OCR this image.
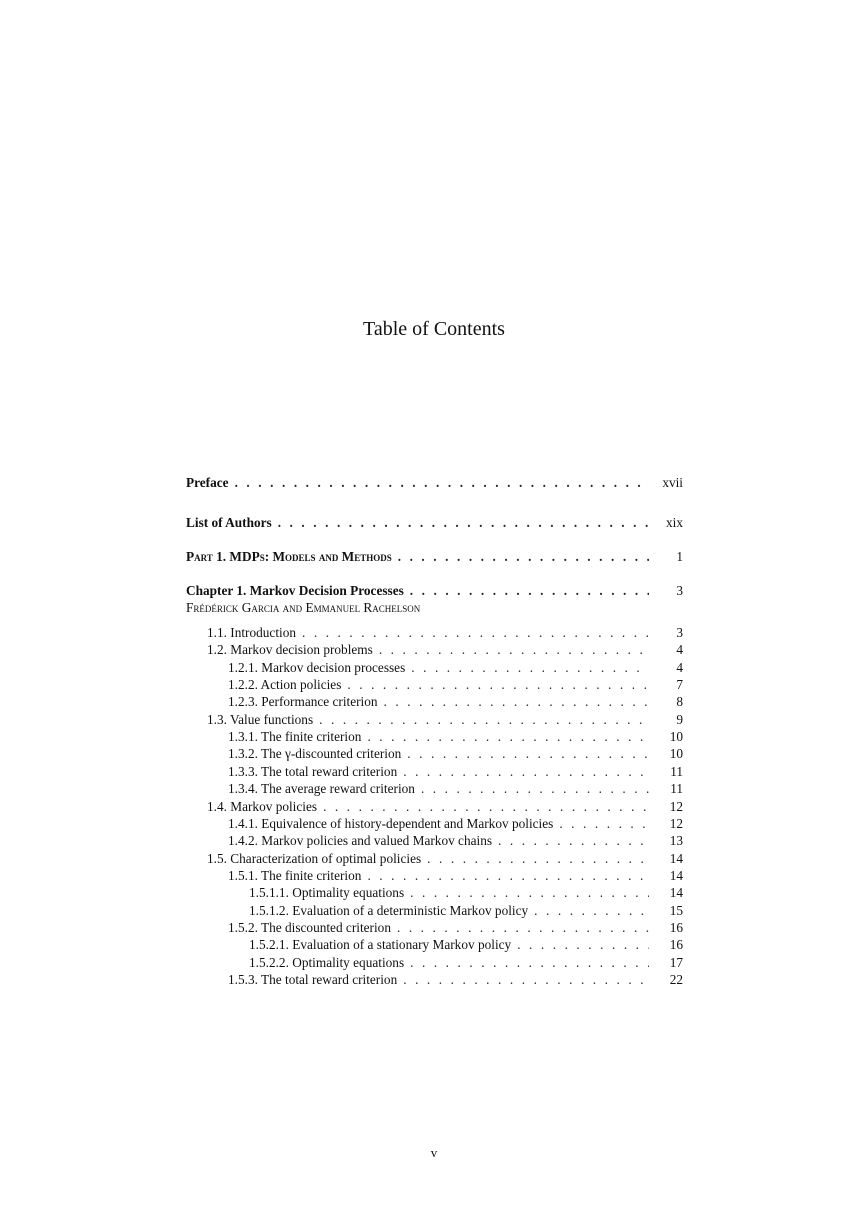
Table of Contents
Preface . . .	xvii
List of Authors . . .	xix
Part 1. MDPs: Models and Methods . . .	1
Chapter 1. Markov Decision Processes . . .	3
Frédérick Garcia and Emmanuel Rachelson
1.1. Introduction . . .	3
1.2. Markov decision problems . . .	4
1.2.1. Markov decision processes . . .	4
1.2.2. Action policies . . .	7
1.2.3. Performance criterion . . .	8
1.3. Value functions . . .	9
1.3.1. The finite criterion . . .	10
1.3.2. The γ-discounted criterion . . .	10
1.3.3. The total reward criterion . . .	11
1.3.4. The average reward criterion . . .	11
1.4. Markov policies . . .	12
1.4.1. Equivalence of history-dependent and Markov policies . . .	12
1.4.2. Markov policies and valued Markov chains . . .	13
1.5. Characterization of optimal policies . . .	14
1.5.1. The finite criterion . . .	14
1.5.1.1. Optimality equations . . .	14
1.5.1.2. Evaluation of a deterministic Markov policy . . .	15
1.5.2. The discounted criterion . . .	16
1.5.2.1. Evaluation of a stationary Markov policy . . .	16
1.5.2.2. Optimality equations . . .	17
1.5.3. The total reward criterion . . .	22
v
